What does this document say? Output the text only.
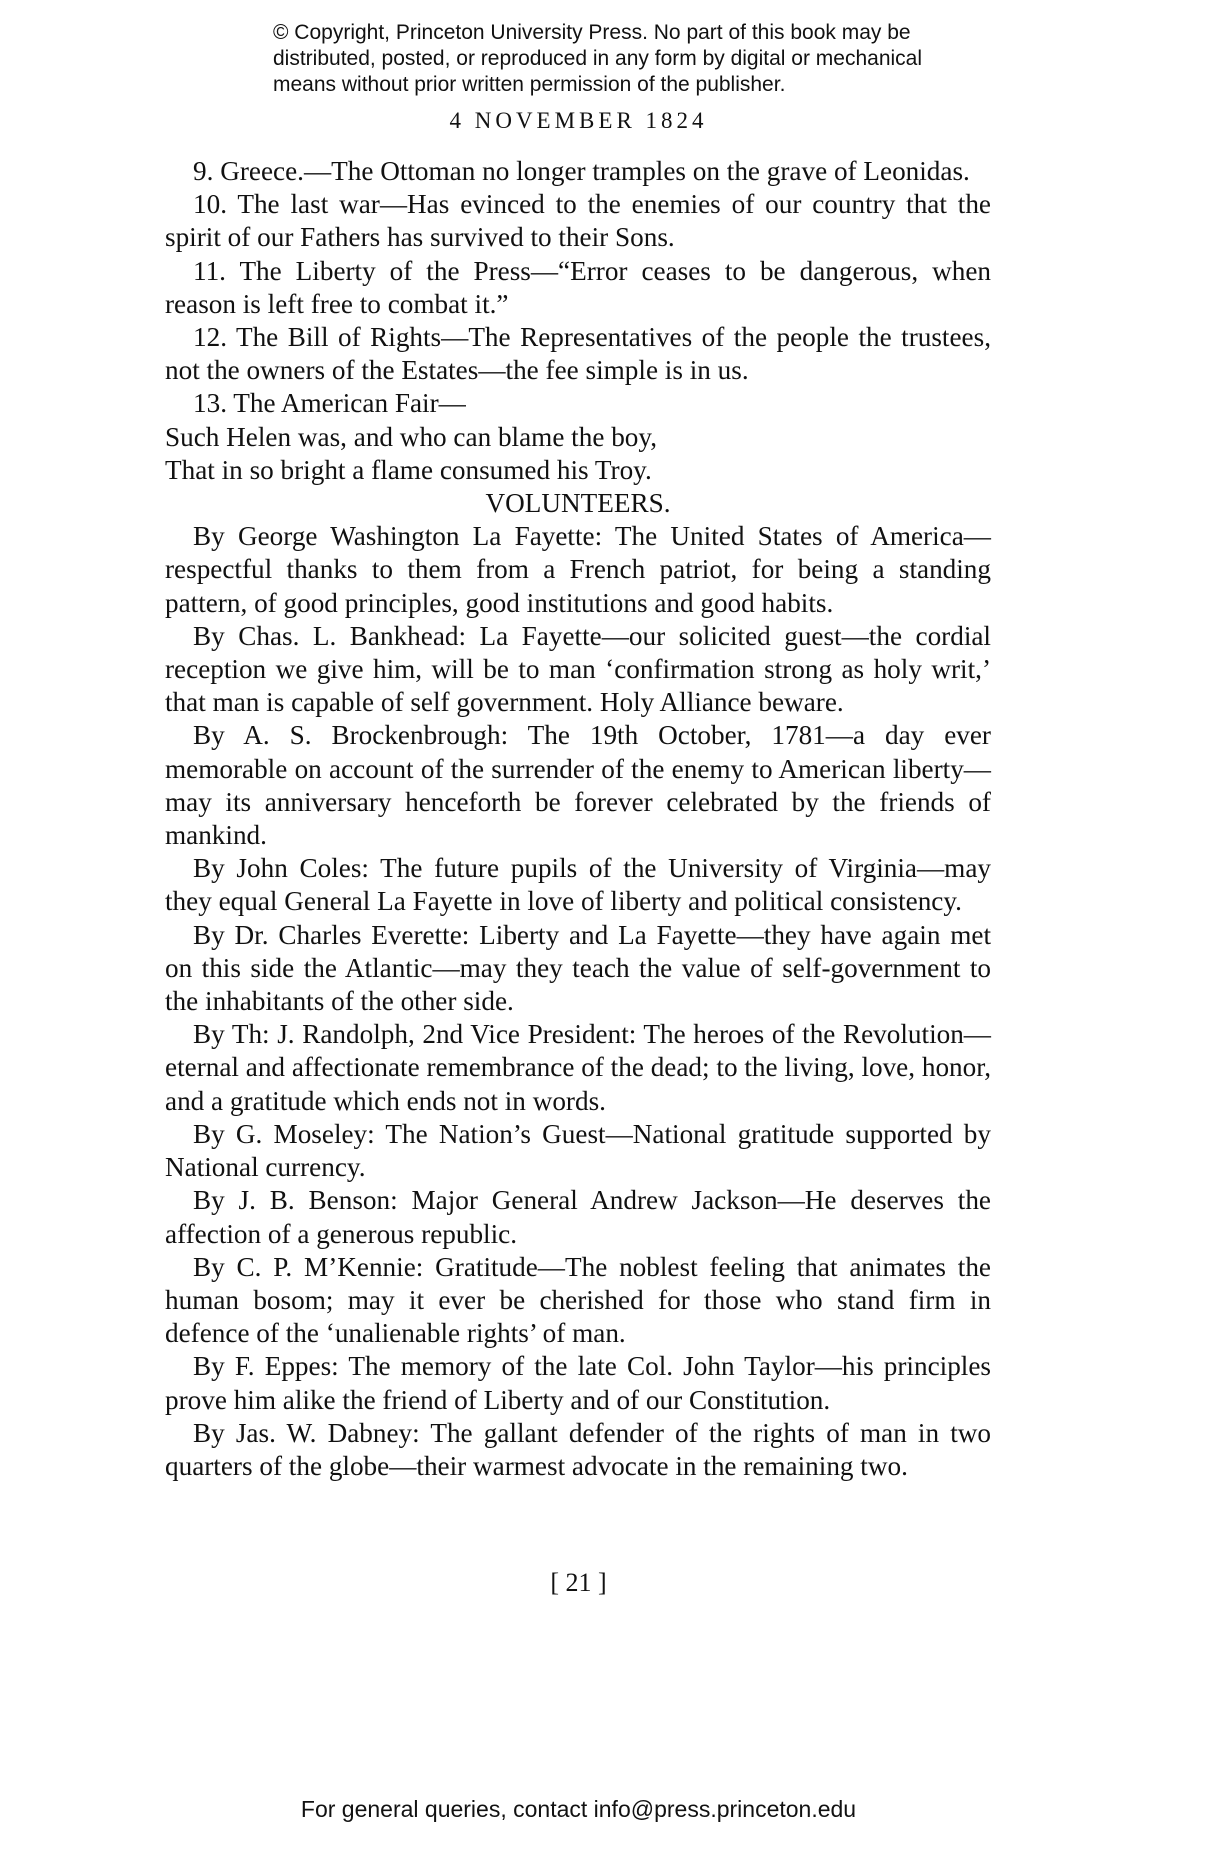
© Copyright, Princeton University Press. No part of this book may be
distributed, posted, or reproduced in any form by digital or mechanical
means without prior written permission of the publisher.
4 NOVEMBER 1824

9. Greece.—The Ottoman no longer tramples on the grave of Leonidas.

10. The last war—Has evinced to the enemies of our country that the spirit of our Fathers has survived to their Sons.

11. The Liberty of the Press—“Error ceases to be dangerous, when reason is left free to combat it.”

12. The Bill of Rights—The Representatives of the people the trustees, not the owners of the Estates—the fee simple is in us.

13. The American Fair—

Such Helen was, and who can blame the boy,

That in so bright a flame consumed his Troy.

VOLUNTEERS.

By George Washington La Fayette: The United States of America—respectful thanks to them from a French patriot, for being a standing pattern, of good principles, good institutions and good habits.

By Chas. L. Bankhead: La Fayette—our solicited guest—the cordial reception we give him, will be to man ‘confirmation strong as holy writ,’ that man is capable of self government. Holy Alliance beware.

By A. S. Brockenbrough: The 19th October, 1781—a day ever memorable on account of the surrender of the enemy to American liberty—may its anniversary henceforth be forever celebrated by the friends of mankind.

By John Coles: The future pupils of the University of Virginia—may they equal General La Fayette in love of liberty and political consistency.

By Dr. Charles Everette: Liberty and La Fayette—they have again met on this side the Atlantic—may they teach the value of self-government to the inhabitants of the other side.

By Th: J. Randolph, 2nd Vice President: The heroes of the Revolution—eternal and affectionate remembrance of the dead; to the living, love, honor, and a gratitude which ends not in words.

By G. Moseley: The Nation’s Guest—National gratitude supported by National currency.

By J. B. Benson: Major General Andrew Jackson—He deserves the affection of a generous republic.

By C. P. M’Kennie: Gratitude—The noblest feeling that animates the human bosom; may it ever be cherished for those who stand firm in defence of the ‘unalienable rights’ of man.

By F. Eppes: The memory of the late Col. John Taylor—his principles prove him alike the friend of Liberty and of our Constitution.

By Jas. W. Dabney: The gallant defender of the rights of man in two quarters of the globe—their warmest advocate in the remaining two.

[ 21 ]
For general queries, contact info@press.princeton.edu
